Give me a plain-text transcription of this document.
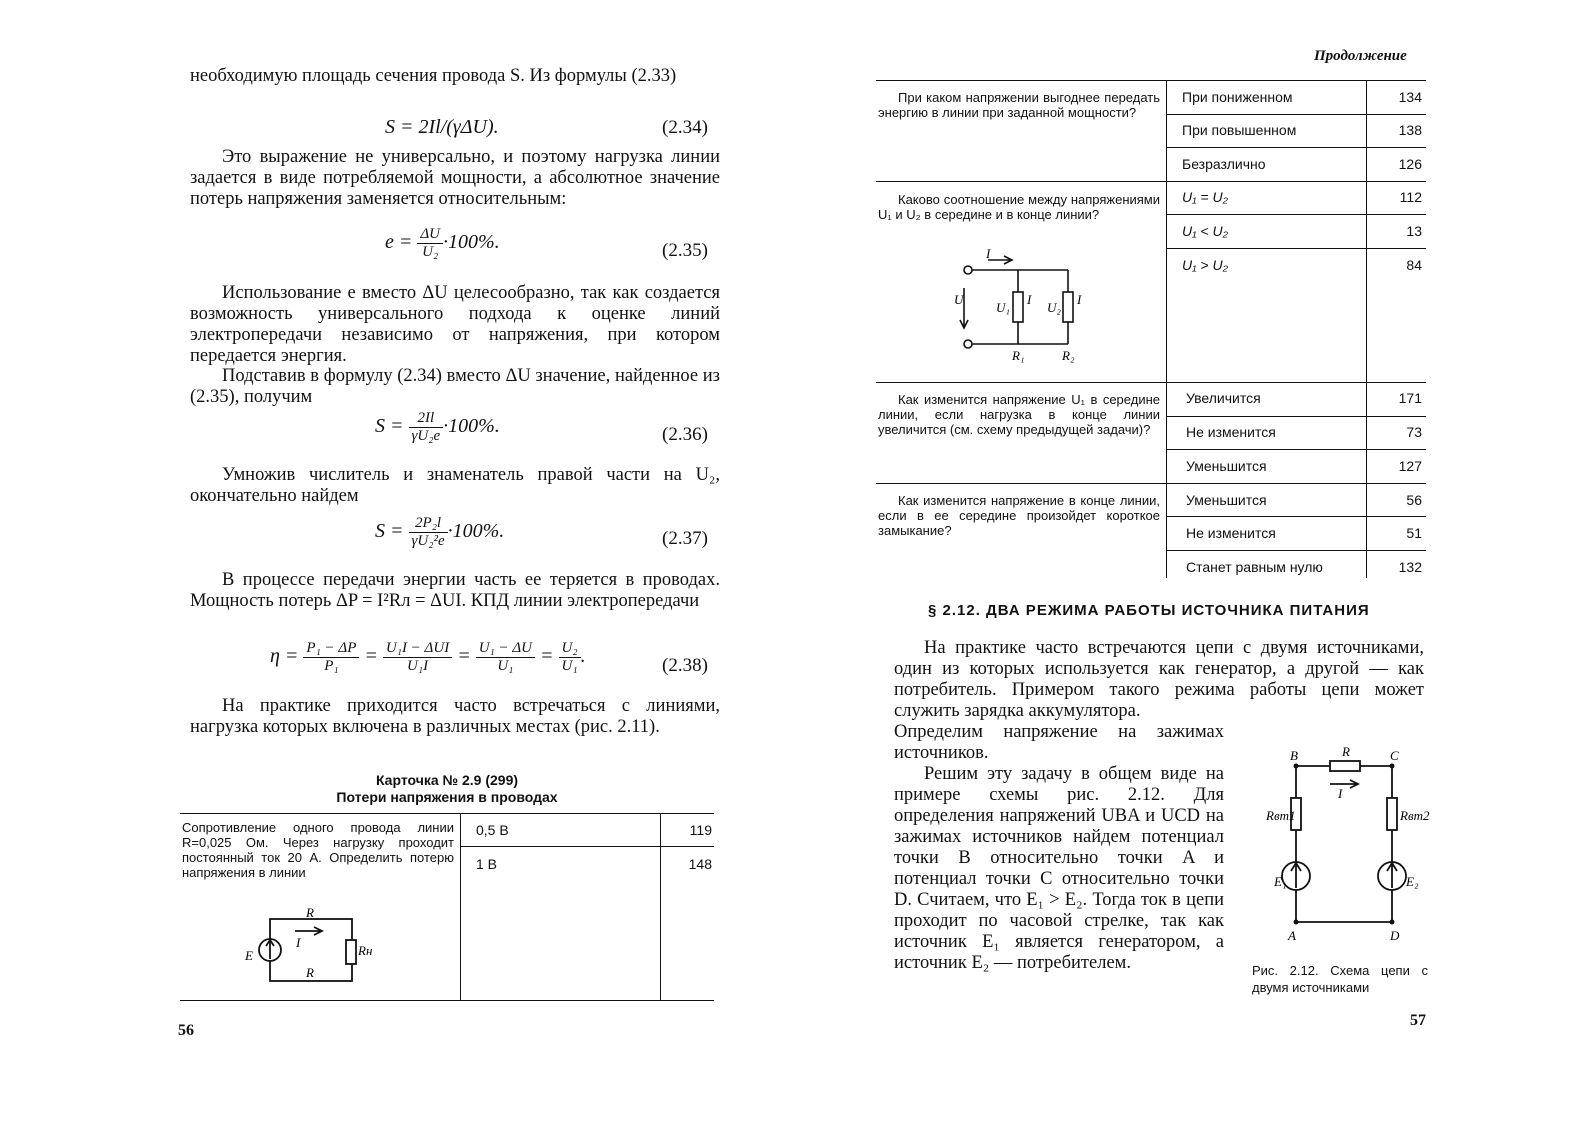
необходимую площадь сечения провода S. Из формулы (2.33)
S = 2Il/(γΔU).	(2.34)
Это выражение не универсально, и поэтому нагрузка линии задается в виде потребляемой мощности, а абсолютное значение потерь напряжения заменяется относительным:
$e = \frac{\Delta U}{\text{U₂}} \cdot 100\%$.	(2.35)
Использование e вместо ΔU целесообразно, так как создается возможность универсального подхода к оценке линий электропередачи независимо от напряжения, при котором передается энергия.
Подставив в формулу (2.34) вместо ΔU значение, найденное из (2.35), получим
$S = \frac{2Il}{\text{γU₂e}} \cdot 100\%$.	(2.36)
Умножив числитель и знаменатель правой части на U₂, окончательно найдем
$S = \frac{\text{2P₂l}}{\text{γU₂²e}} \cdot 100\%$.	(2.37)
В процессе передачи энергии часть ее теряется в проводах. Мощность потерь ΔP = I²Rл = ΔUI. КПД линии электропередачи
$\eta = \frac{\text{P₁ − ΔP}}{\text{P₁}} = \frac{\text{U₁I − ΔUI}}{\text{U₁I}} = \frac{\text{U₁ − ΔU}}{\text{U₁}} = \frac{\text{U₂}}{\text{U₁}}$ .	(2.38)
На практике приходится часто встречаться с линиями, нагрузка которых включена в различных местах (рис. 2.11).
Карточка № 2.9 (299)
Потери напряжения в проводах
Сопротивление одного провода линии R=0,025 Ом. Через нагрузку проходит постоянный ток 20 А. Определить потерю напряжения в линии
0,5 В	119
1 В	148
R
I
E	Rн
R
56
Продолжение
При каком напряжении выгоднее передать энергию в линии при заданной мощности?
При пониженном	134
При повышенном	138
Безразлично	126
Каково соотношение между напряжениями U₁ и U₂ в середине и в конце линии?
U₁ = U₂	112
U₁ < U₂	13
U₁ > U₂	84
I
U
U₁
I
U₂
I
R₁	R₂
Как изменится напряжение U₁ в середине линии, если нагрузка в конце линии увеличится (см. схему предыдущей задачи)?
Увеличится	171
Не изменится	73
Уменьшится	127
Как изменится напряжение в конце линии, если в ее середине произойдет короткое замыкание?
Уменьшится	56
Не изменится	51
Станет равным нулю	132
§ 2.12. ДВА РЕЖИМА РАБОТЫ ИСТОЧНИКА ПИТАНИЯ
На практике часто встречаются цепи с двумя источниками, один из которых используется как генератор, а другой — как потребитель. Примером такого режима работы цепи может служить зарядка аккумулятора.
Определим напряжение на зажимах источников.
Решим эту задачу в общем виде на примере схемы рис. 2.12. Для определения напряжений UBA и UCD на зажимах источников найдем потенциал точки B относительно точки A и потенциал точки C относительно точки D. Считаем, что E₁ > E₂. Тогда ток в цепи проходит по часовой стрелке, так как источник E₁ является генератором, а источник E₂ — потребителем.
B	R	C
I
Rвт1	Rвт2
E₁	E₂
A	D
Рис. 2.12. Схема цепи с двумя источниками
57
